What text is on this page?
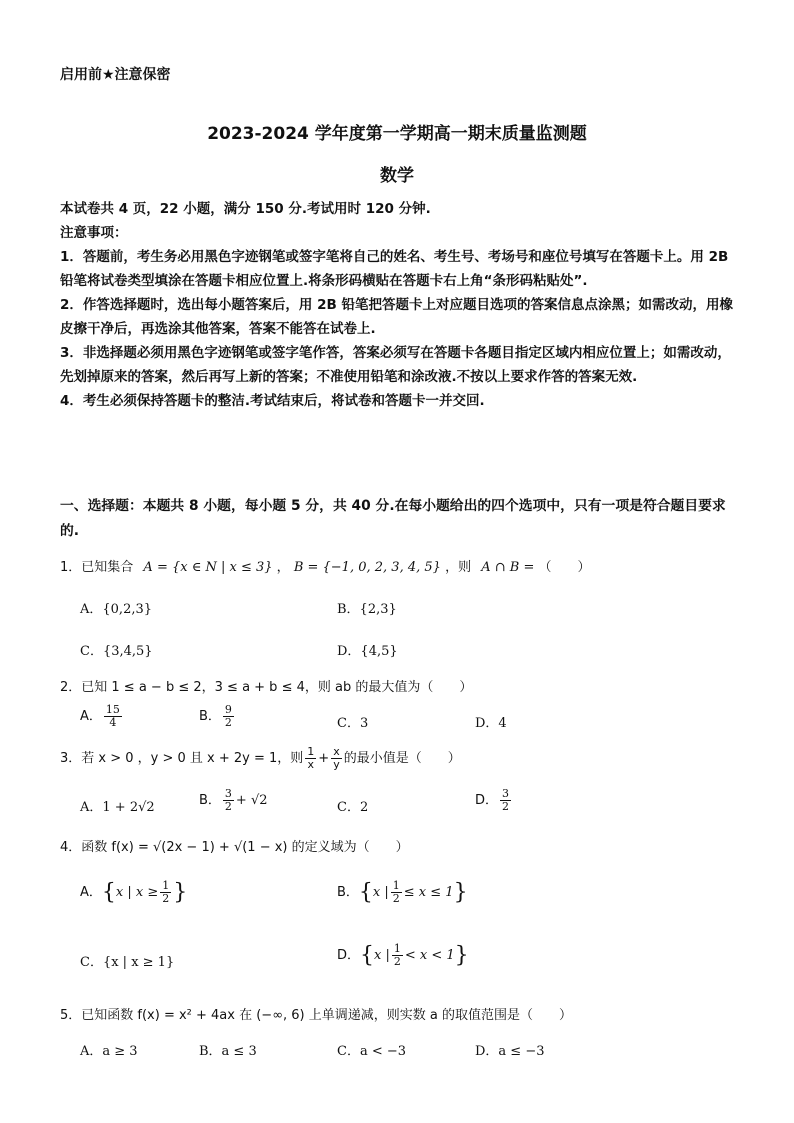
启用前★注意保密
2023-2024 学年度第一学期高一期末质量监测题
数学

本试卷共 4 页，22 小题，满分 150 分.考试用时 120 分钟.

注意事项：

1．答题前，考生务必用黑色字迹钢笔或签字笔将自己的姓名、考生号、考场号和座位号填写在答题卡上。用 2B 铅笔将试卷类型填涂在答题卡相应位置上.将条形码横贴在答题卡右上角“条形码粘贴处”.

2．作答选择题时，选出每小题答案后，用 2B 铅笔把答题卡上对应题目选项的答案信息点涂黑；如需改动，用橡皮擦干净后，再选涂其他答案，答案不能答在试卷上.

3．非选择题必须用黑色字迹钢笔或签字笔作答，答案必须写在答题卡各题目指定区域内相应位置上；如需改动，先划掉原来的答案，然后再写上新的答案；不准使用铅笔和涂改液.不按以上要求作答的答案无效.

4．考生必须保持答题卡的整洁.考试结束后，将试卷和答题卡一并交回.

一、选择题：本题共 8 小题，每小题 5 分，共 40 分.在每小题给出的四个选项中，只有一项是符合题目要求的.
1．已知集合 A = {x ∈ N | x ≤ 3} ， B = {−1, 0, 2, 3, 4, 5} ，则 A ∩ B = （　　）
A．{0,2,3}	B．{2,3}
C．{3,4,5}	D．{4,5}
2．已知 1 ≤ a − b ≤ 2，3 ≤ a + b ≤ 4，则 ab 的最大值为（　　）
A． $\frac{15}{4}$	B． $\frac{9}{2}$	C．3	D．4
3．若 x > 0 ，y > 0 且 x + 2y = 1，则 $\frac{1}{x} + \frac{x}{y}$ 的最小值是（　　）
A．1 + 2√2	B． $\frac{3}{2} + √2$	C．2	D． $\frac{3}{2}$
4．函数 f(x) = √(2x − 1) + √(1 − x) 的定义域为（　　）
A．{x | $x \ge \frac{1}{2}$ }	B．{x | $\frac{1}{2} \le x \le 1$}
C．{x | x ≥ 1}	D．{x | $\frac{1}{2} < x < 1$}
5．已知函数 f(x) = x² + 4ax 在 (−∞, 6) 上单调递减，则实数 a 的取值范围是（　　）
A．a ≥ 3	B．a ≤ 3	C．a < −3	D．a ≤ −3
